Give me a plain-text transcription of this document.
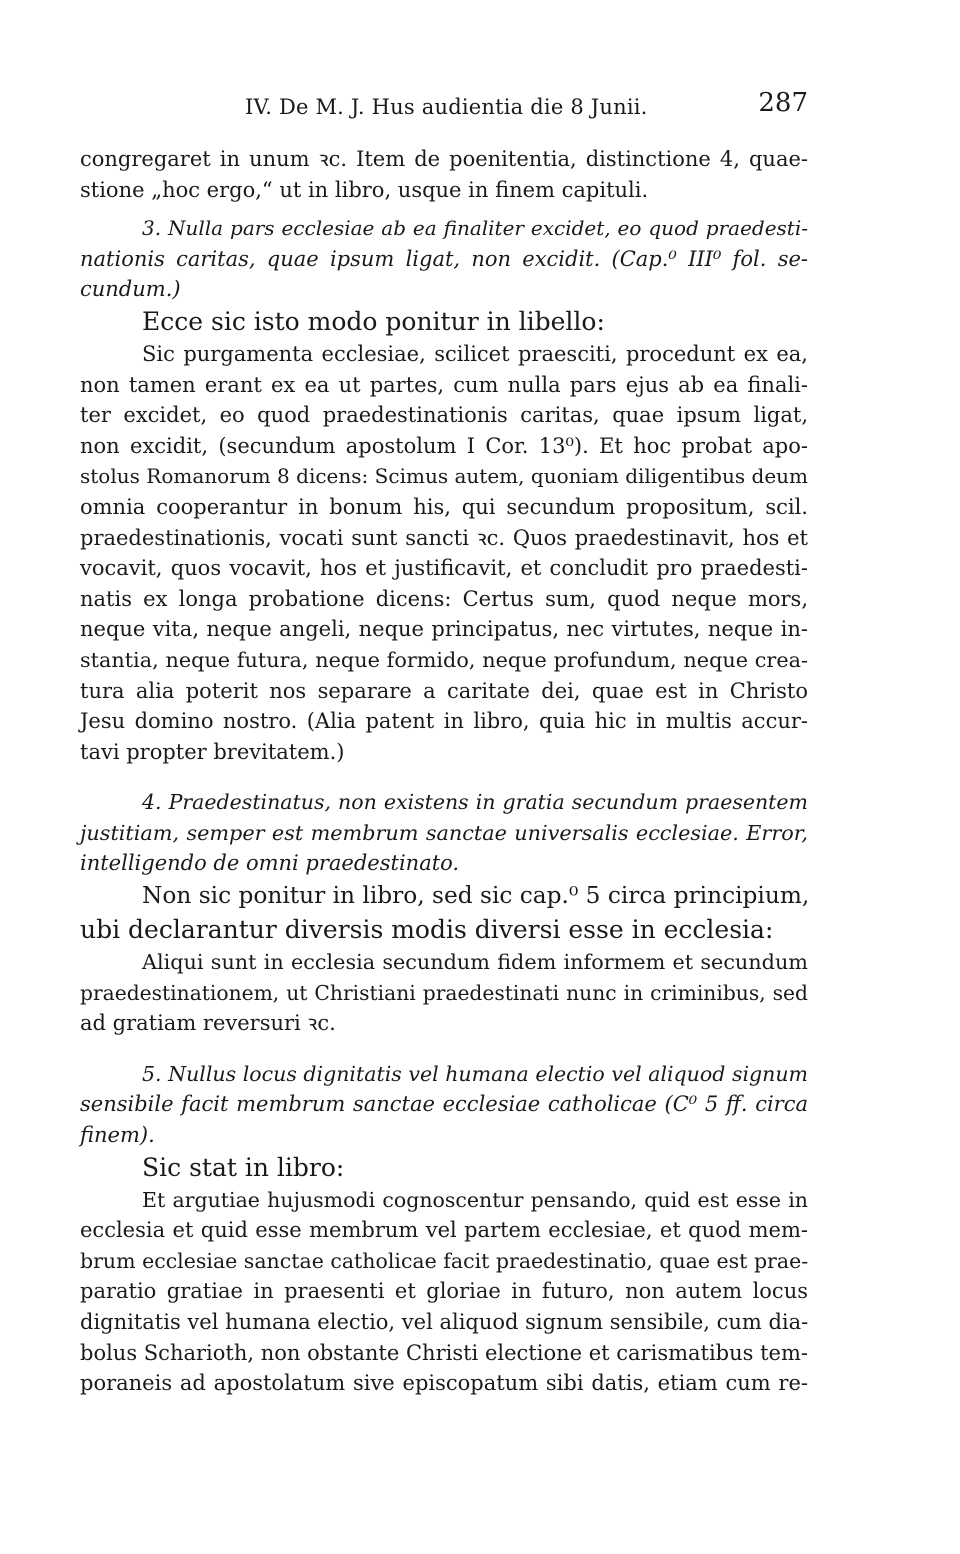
IV. De M. J. Hus audientia die 8 Junii.	287
congregaret in unum ꝛc. Item de poenitentia, distinctione 4, quae-
stione „hoc ergo,“ ut in libro, usque in finem capituli.
3. Nulla pars ecclesiae ab ea finaliter excidet, eo quod praedesti-
nationis caritas, quae ipsum ligat, non excidit. (Cap.⁰ III⁰ fol. se-
cundum.)
Ecce sic isto modo ponitur in libello:
Sic purgamenta ecclesiae, scilicet praesciti, procedunt ex ea,
non tamen erant ex ea ut partes, cum nulla pars ejus ab ea finali-
ter excidet, eo quod praedestinationis caritas, quae ipsum ligat,
non excidit, (secundum apostolum I Cor. 13⁰). Et hoc probat apo-
stolus Romanorum 8 dicens: Scimus autem, quoniam diligentibus deum
omnia cooperantur in bonum his, qui secundum propositum, scil.
praedestinationis, vocati sunt sancti ꝛc. Quos praedestinavit, hos et
vocavit, quos vocavit, hos et justificavit, et concludit pro praedesti-
natis ex longa probatione dicens: Certus sum, quod neque mors,
neque vita, neque angeli, neque principatus, nec virtutes, neque in-
stantia, neque futura, neque formido, neque profundum, neque crea-
tura alia poterit nos separare a caritate dei, quae est in Christo
Jesu domino nostro. (Alia patent in libro, quia hic in multis accur-
tavi propter brevitatem.)
4. Praedestinatus, non existens in gratia secundum praesentem
justitiam, semper est membrum sanctae universalis ecclesiae. Error,
intelligendo de omni praedestinato.
Non sic ponitur in libro, sed sic cap.⁰ 5 circa principium,
ubi declarantur diversis modis diversi esse in ecclesia:
Aliqui sunt in ecclesia secundum fidem informem et secundum
praedestinationem, ut Christiani praedestinati nunc in criminibus, sed
ad gratiam reversuri ꝛc.
5. Nullus locus dignitatis vel humana electio vel aliquod signum
sensibile facit membrum sanctae ecclesiae catholicae (C⁰ 5 ff. circa
finem).
Sic stat in libro:
Et argutiae hujusmodi cognoscentur pensando, quid est esse in
ecclesia et quid esse membrum vel partem ecclesiae, et quod mem-
brum ecclesiae sanctae catholicae facit praedestinatio, quae est prae-
paratio gratiae in praesenti et gloriae in futuro, non autem locus
dignitatis vel humana electio, vel aliquod signum sensibile, cum dia-
bolus Scharioth, non obstante Christi electione et carismatibus tem-
poraneis ad apostolatum sive episcopatum sibi datis, etiam cum re-
